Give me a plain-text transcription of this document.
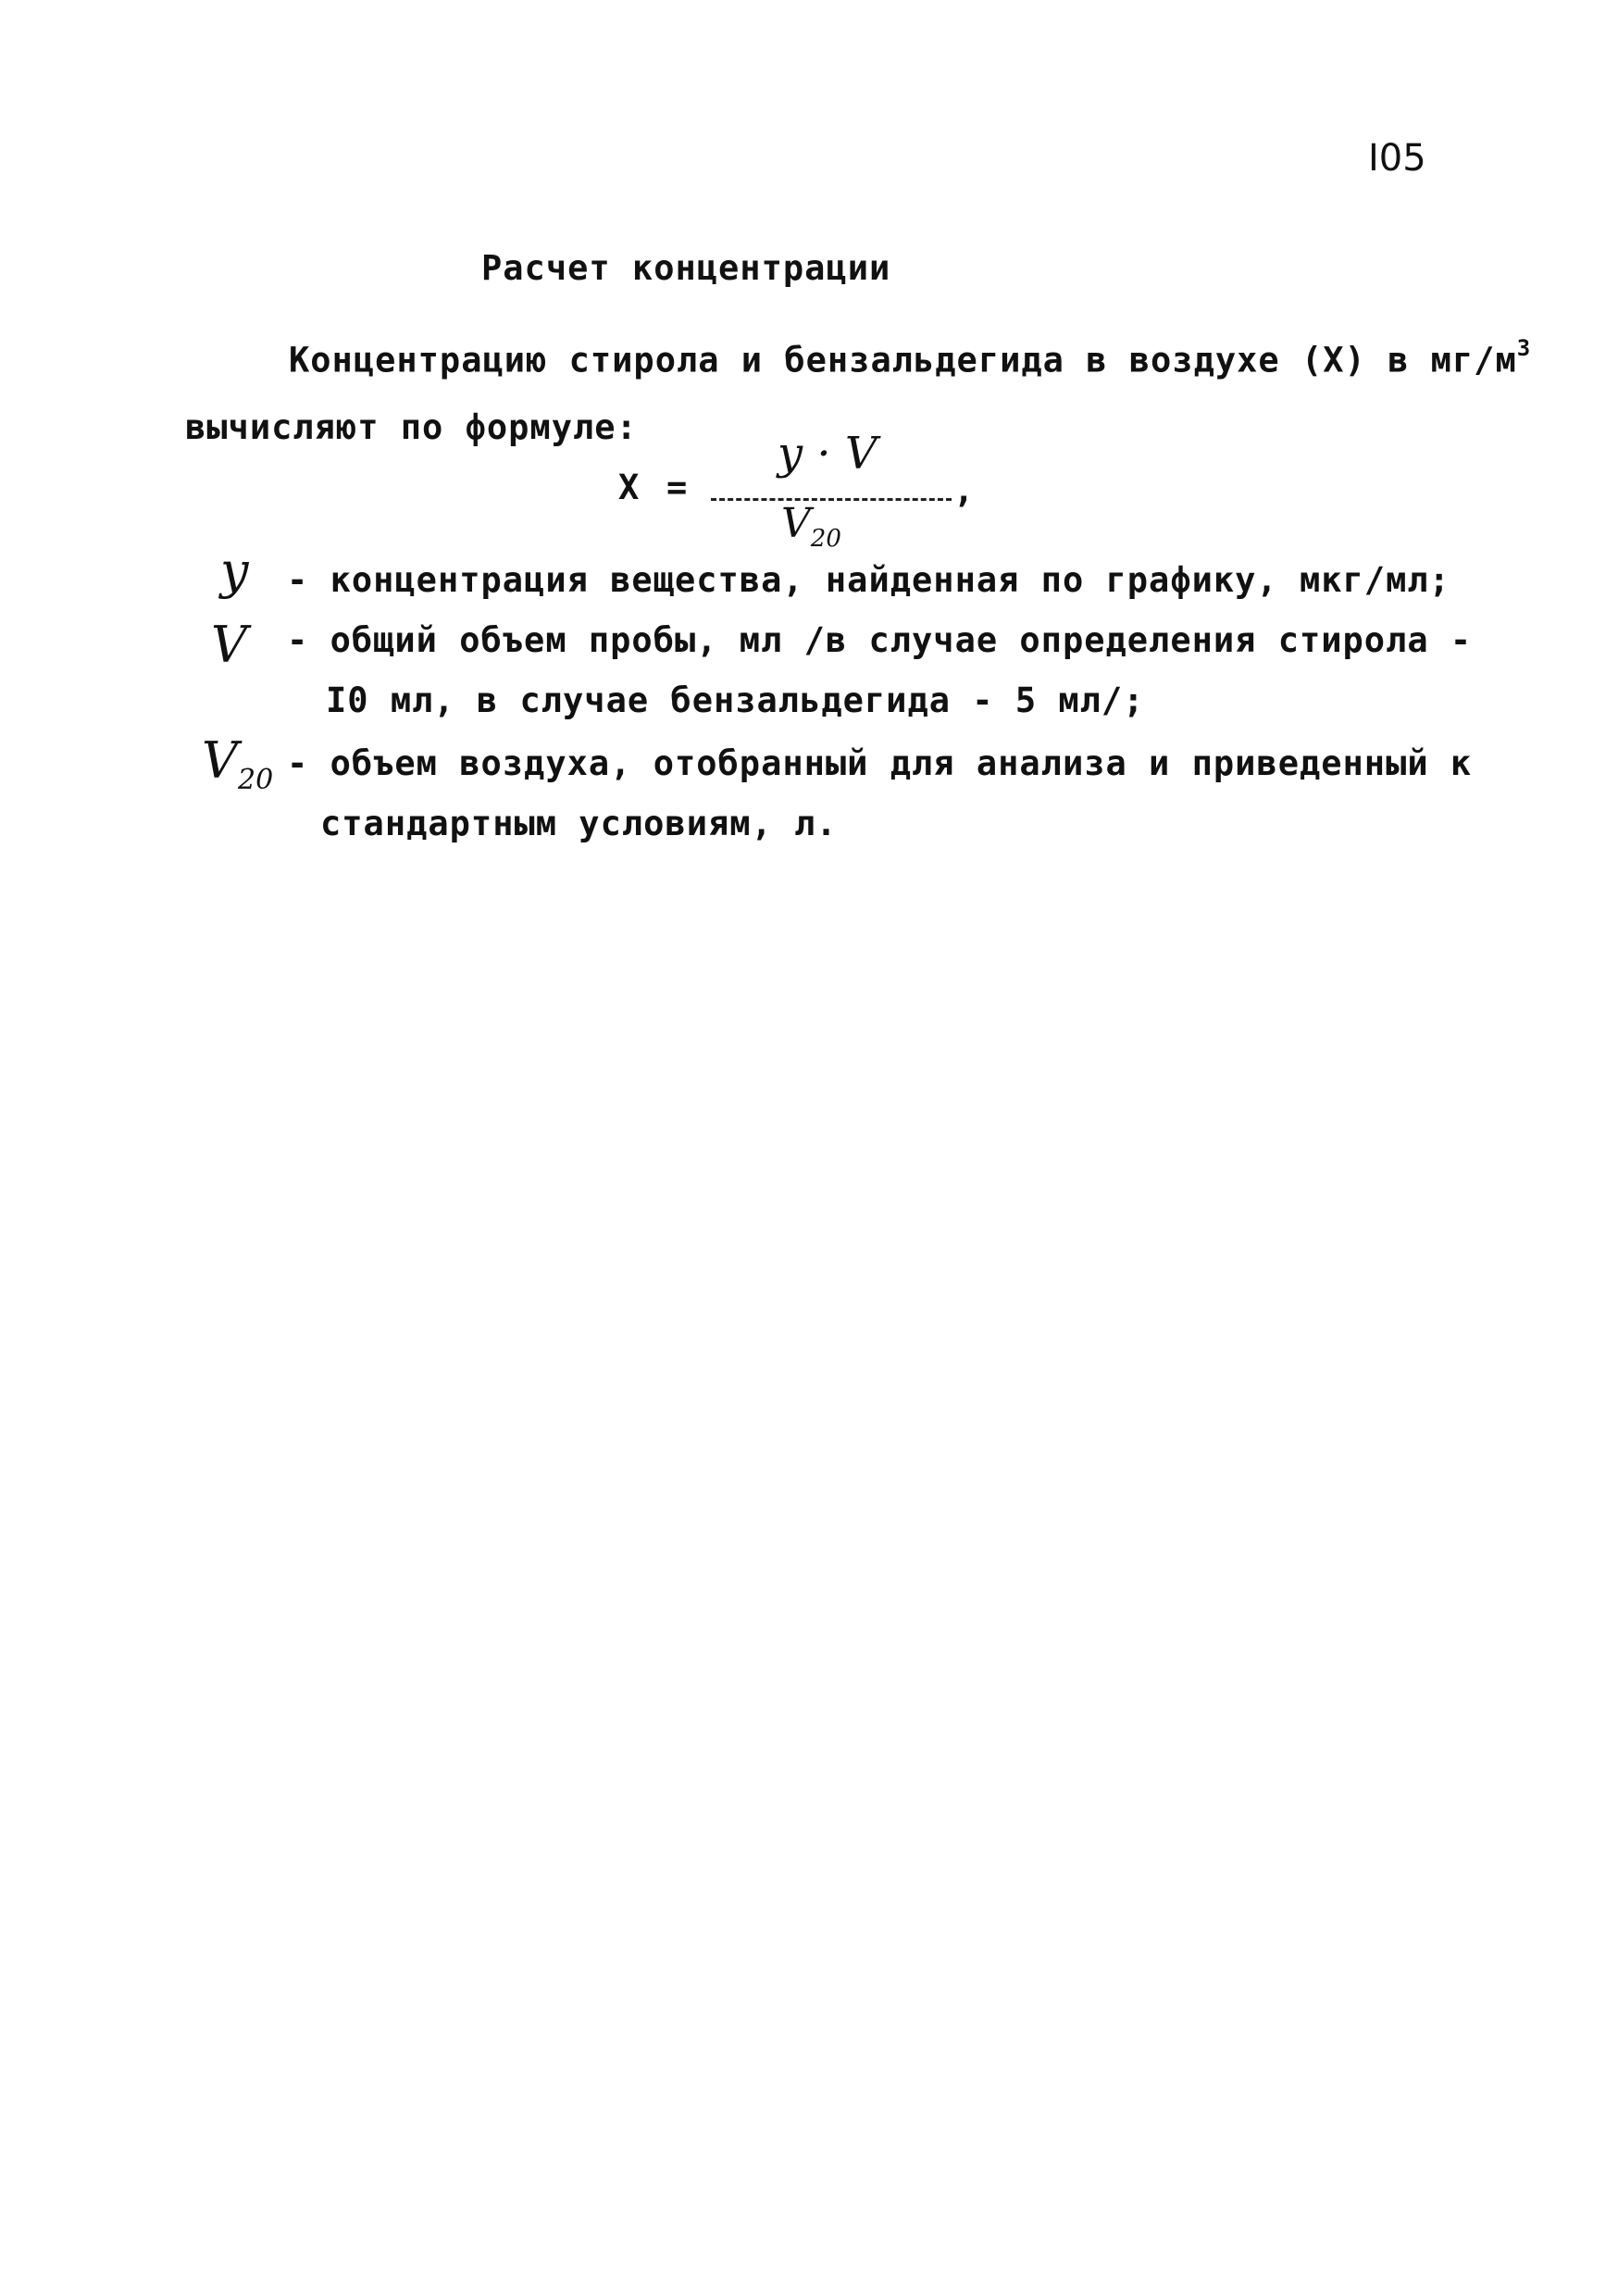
I05
Расчет концентрации
Концентрацию стирола и бензальдегида в воздухе (Х) в $мг/м^3$
вычисляют по формуле:
Х =
y · V
,
$V_{20}$
y - концентрация вещества, найденная по графику, мкг/мл;
V - общий объем пробы, мл /в случае определения стирола -
I0 мл, в случае бензальдегида - 5 мл/;
$V_{20}$ - объем воздуха, отобранный для анализа и приведенный к
стандартным условиям, л.
